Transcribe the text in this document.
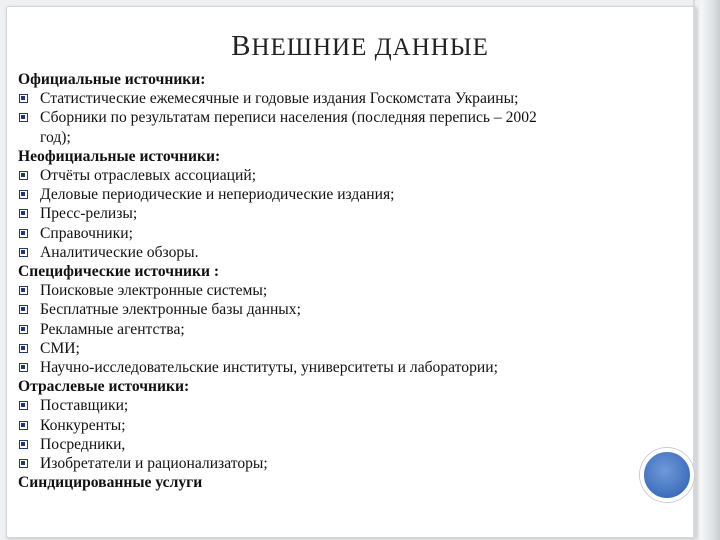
ВНЕШНИЕ ДАННЫЕ
Официальные источники:
Статистические ежемесячные и годовые издания Госкомстата Украины;
Сборники по результатам переписи населения (последняя перепись – 2002
год);
Неофициальные источники:
Отчёты отраслевых ассоциаций;
Деловые периодические и непериодические издания;
Пресс-релизы;
Справочники;
Аналитические обзоры.
Специфические источники :
Поисковые электронные системы;
Бесплатные электронные базы данных;
Рекламные агентства;
СМИ;
Научно-исследовательские институты, университеты и лаборатории;
Отраслевые источники:
Поставщики;
Конкуренты;
Посредники,
Изобретатели и рационализаторы;
Синдицированные услуги
